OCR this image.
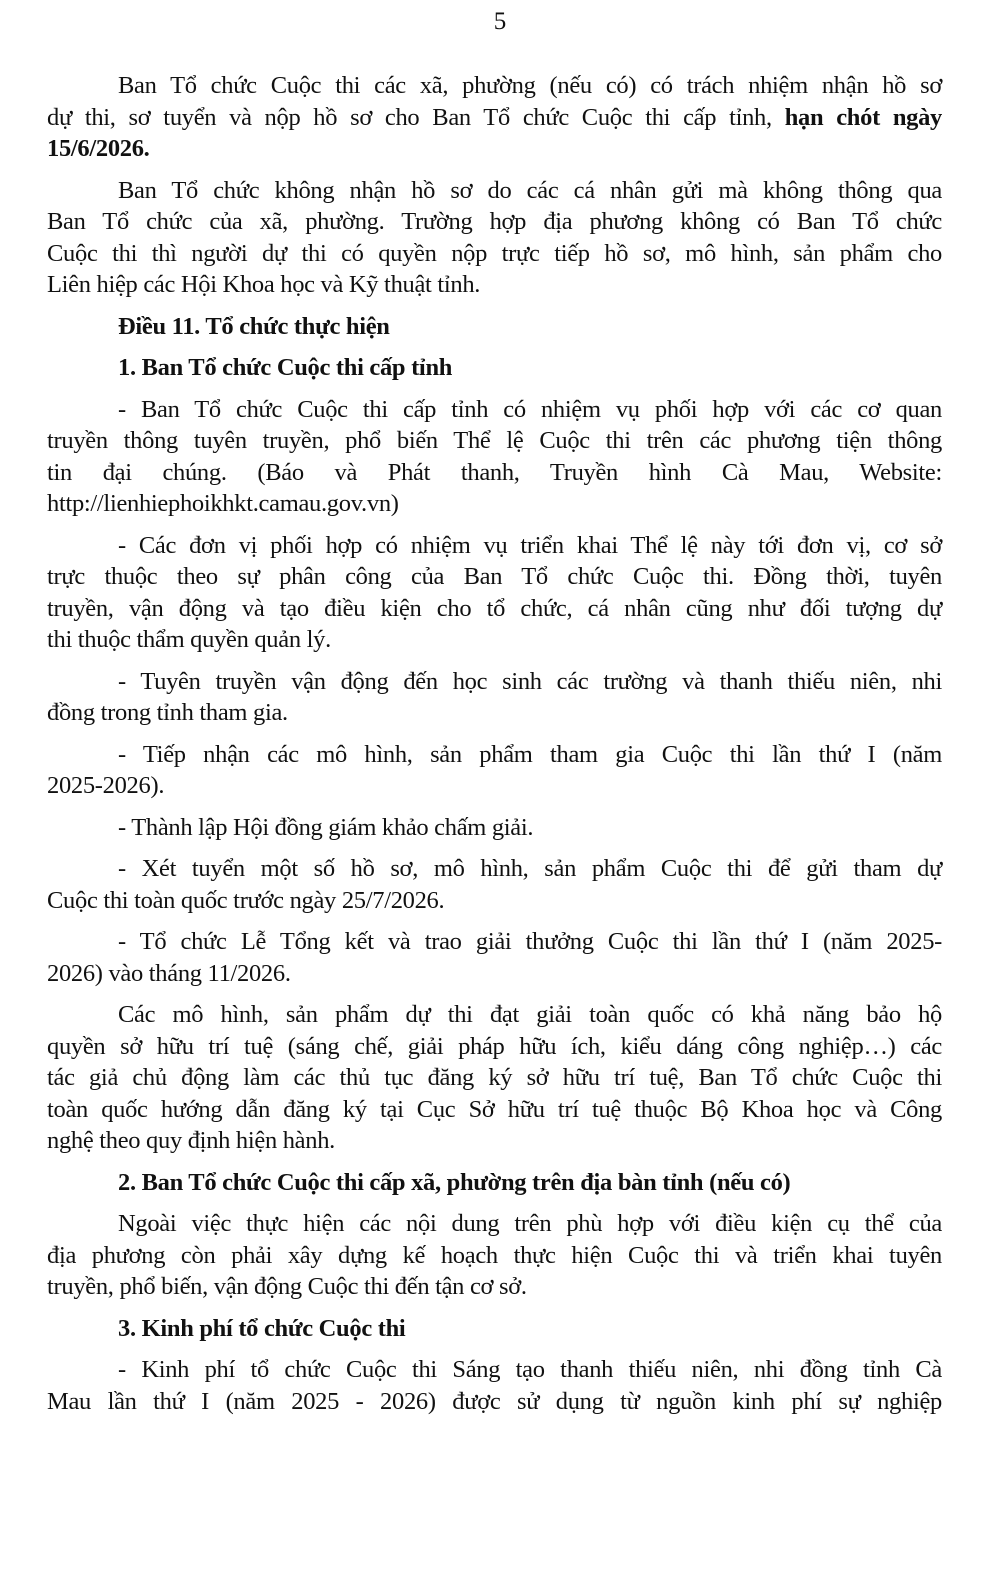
5
Ban Tổ chức Cuộc thi các xã, phường (nếu có) có trách nhiệm nhận hồ sơ
dự thi, sơ tuyển và nộp hồ sơ cho Ban Tổ chức Cuộc thi cấp tỉnh, hạn chót ngày
15/6/2026.
Ban Tổ chức không nhận hồ sơ do các cá nhân gửi mà không thông qua
Ban Tổ chức của xã, phường. Trường hợp địa phương không có Ban Tổ chức
Cuộc thi thì người dự thi có quyền nộp trực tiếp hồ sơ, mô hình, sản phẩm cho
Liên hiệp các Hội Khoa học và Kỹ thuật tỉnh.
Điều 11. Tổ chức thực hiện
1. Ban Tổ chức Cuộc thi cấp tỉnh
- Ban Tổ chức Cuộc thi cấp tỉnh có nhiệm vụ phối hợp với các cơ quan
truyền thông tuyên truyền, phổ biến Thể lệ Cuộc thi trên các phương tiện thông
tin đại chúng. (Báo và Phát thanh, Truyền hình Cà Mau, Website:
http://lienhiephoikhkt.camau.gov.vn)
- Các đơn vị phối hợp có nhiệm vụ triển khai Thể lệ này tới đơn vị, cơ sở
trực thuộc theo sự phân công của Ban Tổ chức Cuộc thi. Đồng thời, tuyên
truyền, vận động và tạo điều kiện cho tổ chức, cá nhân cũng như đối tượng dự
thi thuộc thẩm quyền quản lý.
- Tuyên truyền vận động đến học sinh các trường và thanh thiếu niên, nhi
đồng trong tỉnh tham gia.
- Tiếp nhận các mô hình, sản phẩm tham gia Cuộc thi lần thứ I (năm
2025-2026).
- Thành lập Hội đồng giám khảo chấm giải.
- Xét tuyển một số hồ sơ, mô hình, sản phẩm Cuộc thi để gửi tham dự
Cuộc thi toàn quốc trước ngày 25/7/2026.
- Tổ chức Lễ Tổng kết và trao giải thưởng Cuộc thi lần thứ I (năm 2025-
2026) vào tháng 11/2026.
Các mô hình, sản phẩm dự thi đạt giải toàn quốc có khả năng bảo hộ
quyền sở hữu trí tuệ (sáng chế, giải pháp hữu ích, kiểu dáng công nghiệp…) các
tác giả chủ động làm các thủ tục đăng ký sở hữu trí tuệ, Ban Tổ chức Cuộc thi
toàn quốc hướng dẫn đăng ký tại Cục Sở hữu trí tuệ thuộc Bộ Khoa học và Công
nghệ theo quy định hiện hành.
2. Ban Tổ chức Cuộc thi cấp xã, phường trên địa bàn tỉnh (nếu có)
Ngoài việc thực hiện các nội dung trên phù hợp với điều kiện cụ thể của
địa phương còn phải xây dựng kế hoạch thực hiện Cuộc thi và triển khai tuyên
truyền, phổ biến, vận động Cuộc thi đến tận cơ sở.
3. Kinh phí tổ chức Cuộc thi
- Kinh phí tổ chức Cuộc thi Sáng tạo thanh thiếu niên, nhi đồng tỉnh Cà
Mau lần thứ I (năm 2025 - 2026) được sử dụng từ nguồn kinh phí sự nghiệp
